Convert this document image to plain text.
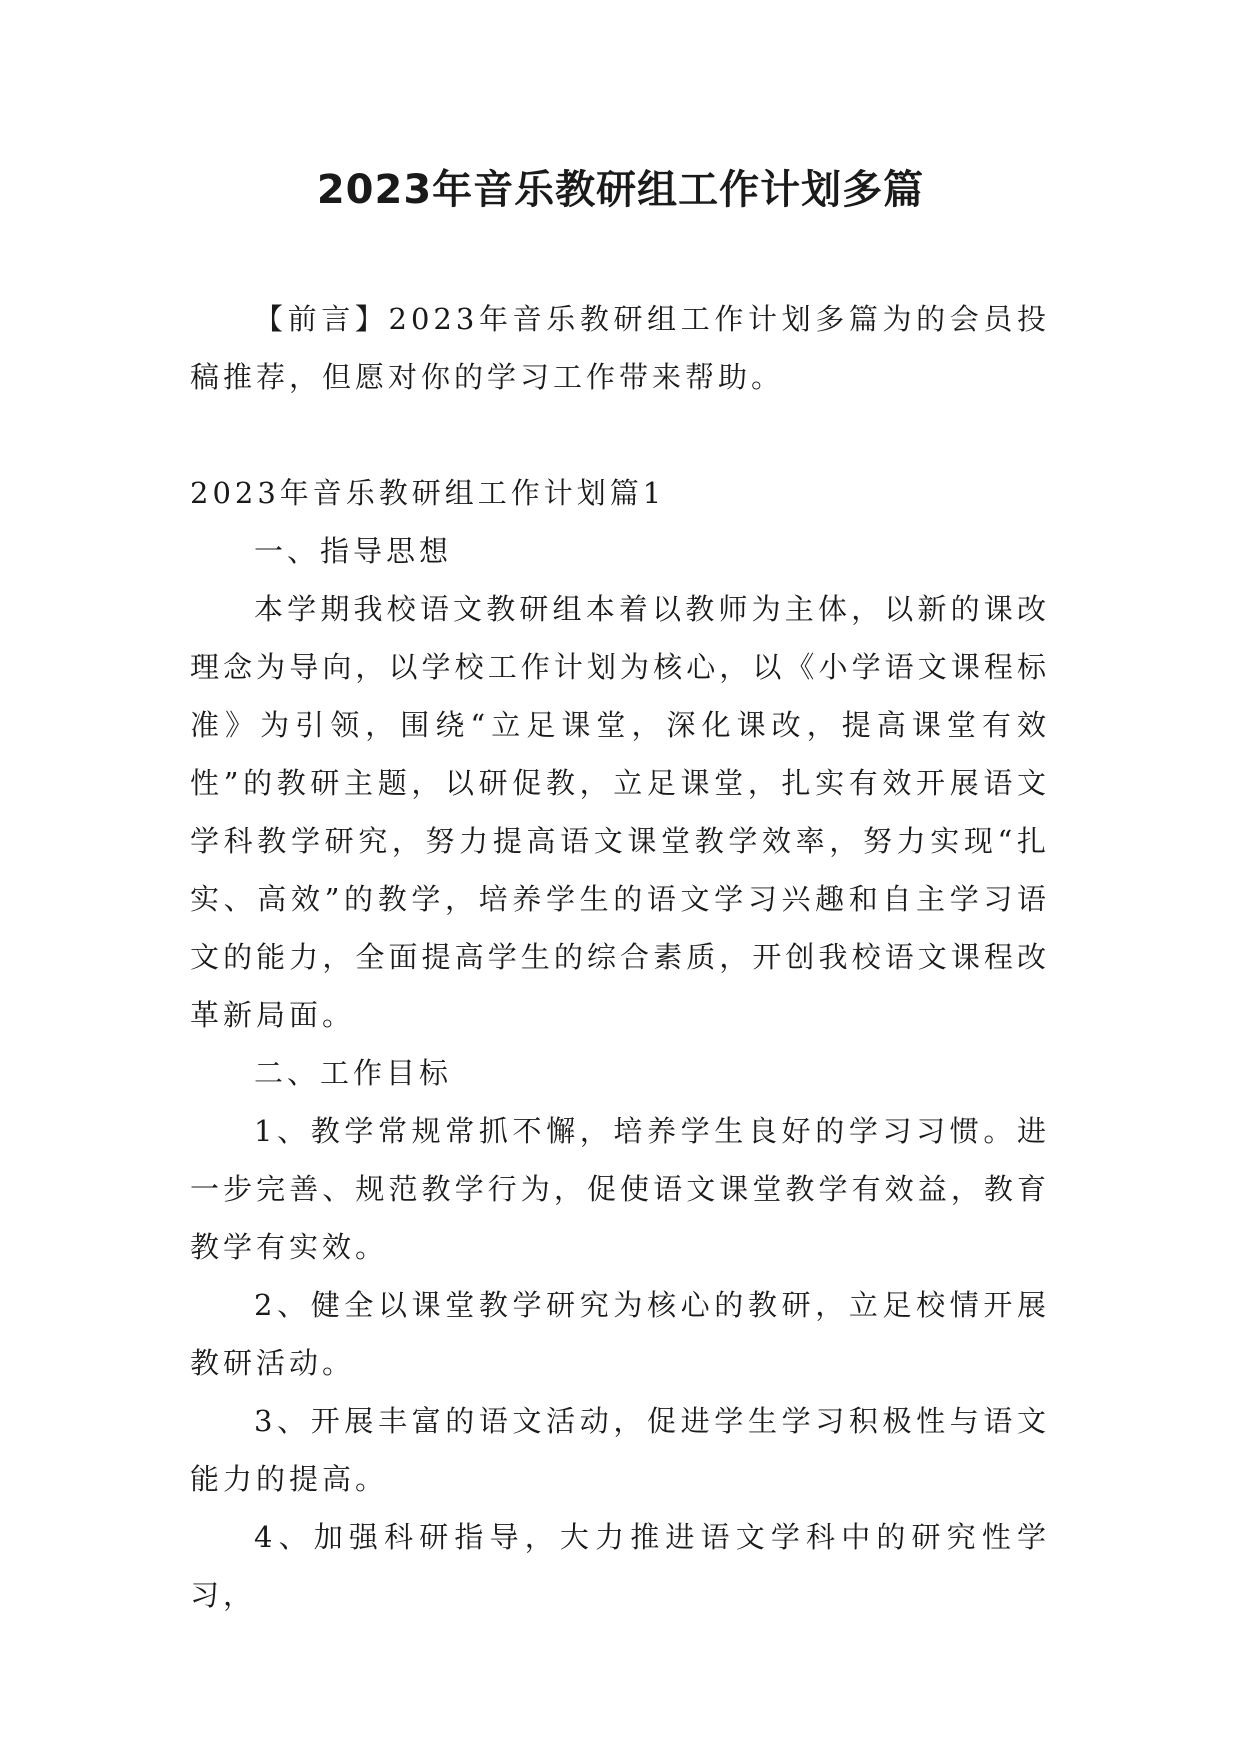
2023年音乐教研组工作计划多篇

【前言】2023年音乐教研组工作计划多篇为的会员投稿推荐，但愿对你的学习工作带来帮助。

2023年音乐教研组工作计划篇1

一、指导思想

本学期我校语文教研组本着以教师为主体，以新的课改理念为导向，以学校工作计划为核心，以《小学语文课程标准》为引领，围绕“立足课堂，深化课改，提高课堂有效性”的教研主题，以研促教，立足课堂，扎实有效开展语文学科教学研究，努力提高语文课堂教学效率，努力实现“扎实、高效”的教学，培养学生的语文学习兴趣和自主学习语文的能力，全面提高学生的综合素质，开创我校语文课程改革新局面。

二、工作目标

1、教学常规常抓不懈，培养学生良好的学习习惯。进一步完善、规范教学行为，促使语文课堂教学有效益，教育教学有实效。

2、健全以课堂教学研究为核心的教研，立足校情开展教研活动。

3、开展丰富的语文活动，促进学生学习积极性与语文能力的提高。

4、加强科研指导，大力推进语文学科中的研究性学习，
